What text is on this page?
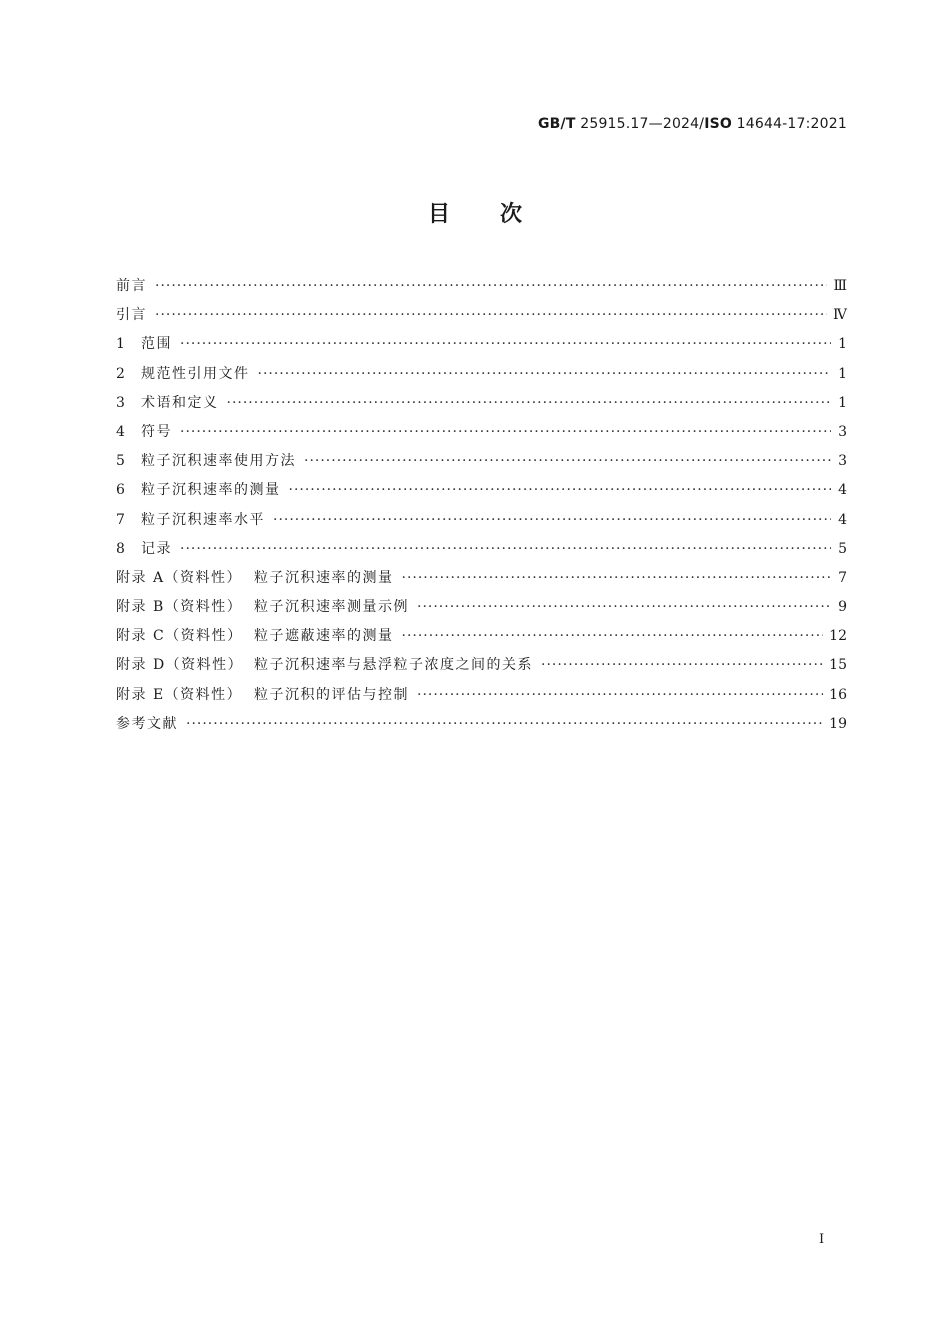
GB/T 25915.17—2024/ISO 14644-17:2021
目次
前言 ·····	Ⅲ
引言 ·····	Ⅳ
1	范围 ·····	1
2	规范性引用文件 ·····	1
3	术语和定义 ·····	1
4	符号 ·····	3
5	粒子沉积速率使用方法 ·····	3
6	粒子沉积速率的测量 ·····	4
7	粒子沉积速率水平 ·····	4
8	记录 ·····	5
附录 A（资料性） 粒子沉积速率的测量 ·····	7
附录 B（资料性） 粒子沉积速率测量示例 ·····	9
附录 C（资料性） 粒子遮蔽速率的测量 ·····	12
附录 D（资料性） 粒子沉积速率与悬浮粒子浓度之间的关系 ·····	15
附录 E（资料性） 粒子沉积的评估与控制 ·····	16
参考文献 ·····	19
Ⅰ
